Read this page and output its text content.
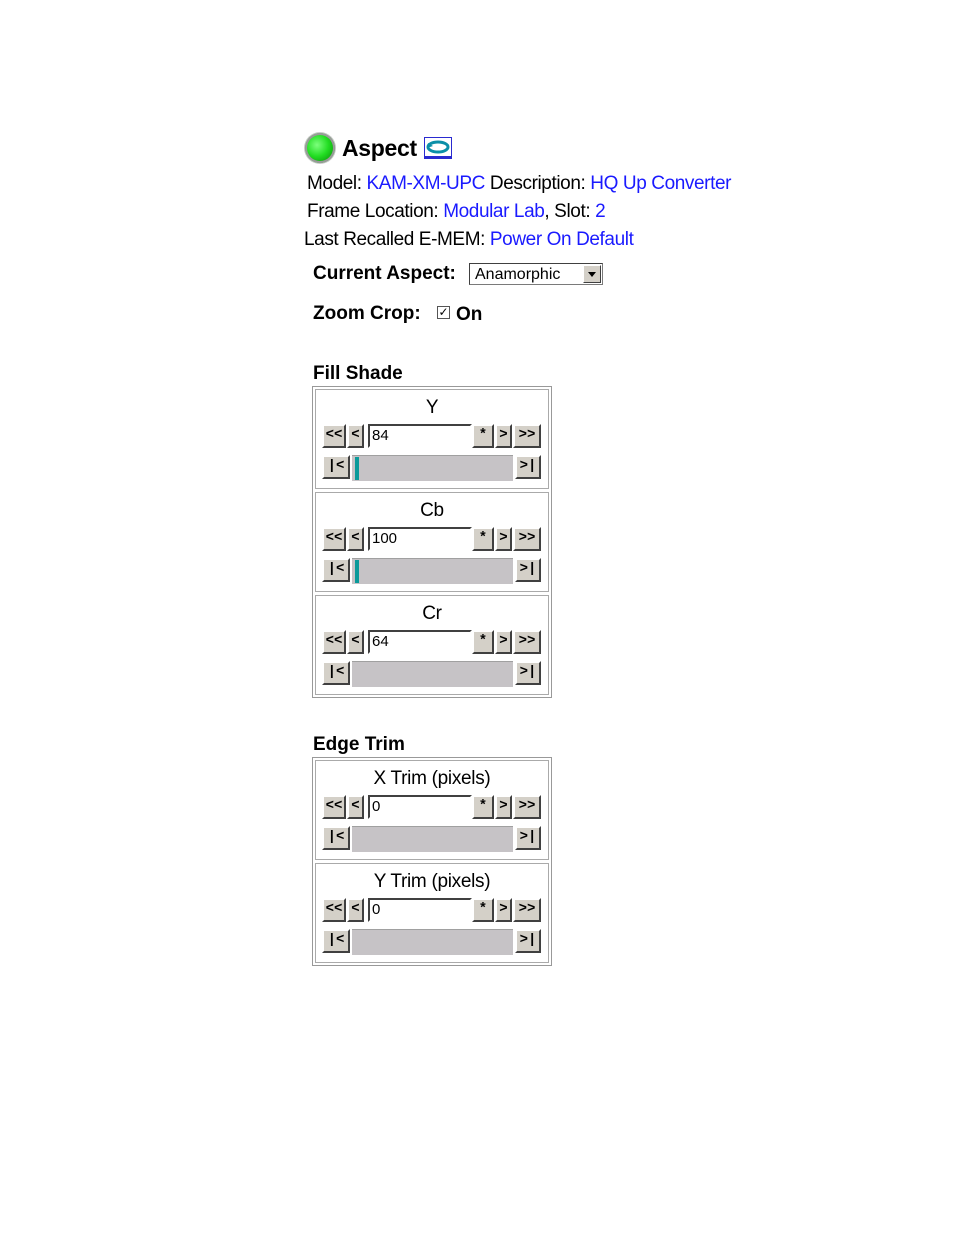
Aspect
Model: KAM-XM-UPC Description: HQ Up Converter
Frame Location: Modular Lab, Slot: 2
Last Recalled E-MEM: Power On Default
Current Aspect: Anamorphic
Zoom Crop: ✓ On
Fill Shade
Y
<< <	* > >>
|<	>|
84
Cb
<< <	* > >>
|<	>|
100
Cr
<< <	* > >>
|<	>|
64
Edge Trim
X Trim (pixels)
<< <	* > >>
|<	>|
0
Y Trim (pixels)
<< <	* > >>
|<	>|
0
